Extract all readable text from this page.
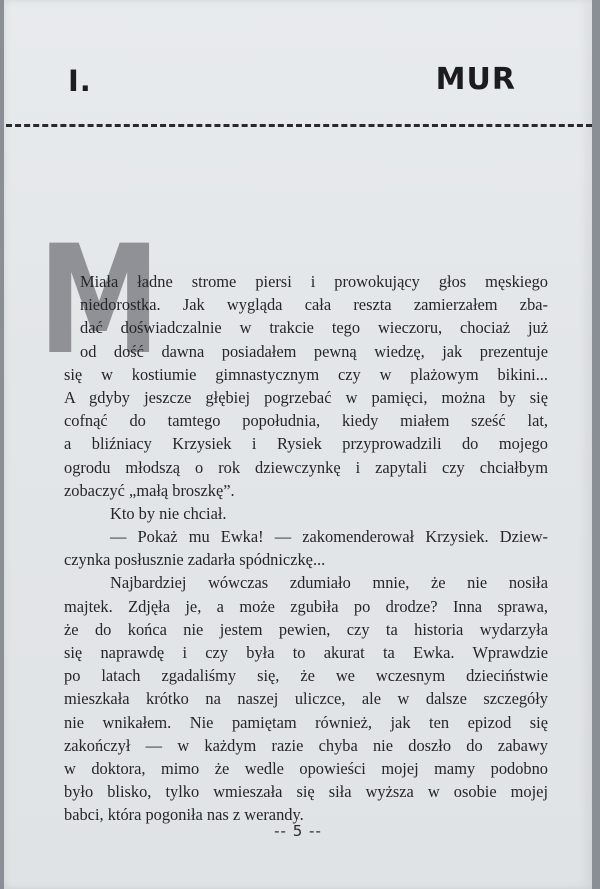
I.	MUR
M
Miała ładne strome piersi i prowokujący głos męskiego
niedorostka. Jak wygląda cała reszta zamierzałem zba-
dać doświadczalnie w trakcie tego wieczoru, chociaż już
od dość dawna posiadałem pewną wiedzę, jak prezentuje
się w kostiumie gimnastycznym czy w plażowym bikini...
A gdyby jeszcze głębiej pogrzebać w pamięci, można by się
cofnąć do tamtego popołudnia, kiedy miałem sześć lat,
a bliźniacy Krzysiek i Rysiek przyprowadzili do mojego
ogrodu młodszą o rok dziewczynkę i zapytali czy chciałbym
zobaczyć „małą broszkę”.
Kto by nie chciał.
— Pokaż mu Ewka! — zakomenderował Krzysiek. Dziew-
czynka posłusznie zadarła spódniczkę...
Najbardziej wówczas zdumiało mnie, że nie nosiła
majtek. Zdjęła je, a może zgubiła po drodze? Inna sprawa,
że do końca nie jestem pewien, czy ta historia wydarzyła
się naprawdę i czy była to akurat ta Ewka. Wprawdzie
po latach zgadaliśmy się, że we wczesnym dzieciństwie
mieszkała krótko na naszej uliczce, ale w dalsze szczegóły
nie wnikałem. Nie pamiętam również, jak ten epizod się
zakończył — w każdym razie chyba nie doszło do zabawy
w doktora, mimo że wedle opowieści mojej mamy podobno
było blisko, tylko wmieszała się siła wyższa w osobie mojej
babci, która pogoniła nas z werandy.
-- 5 --
